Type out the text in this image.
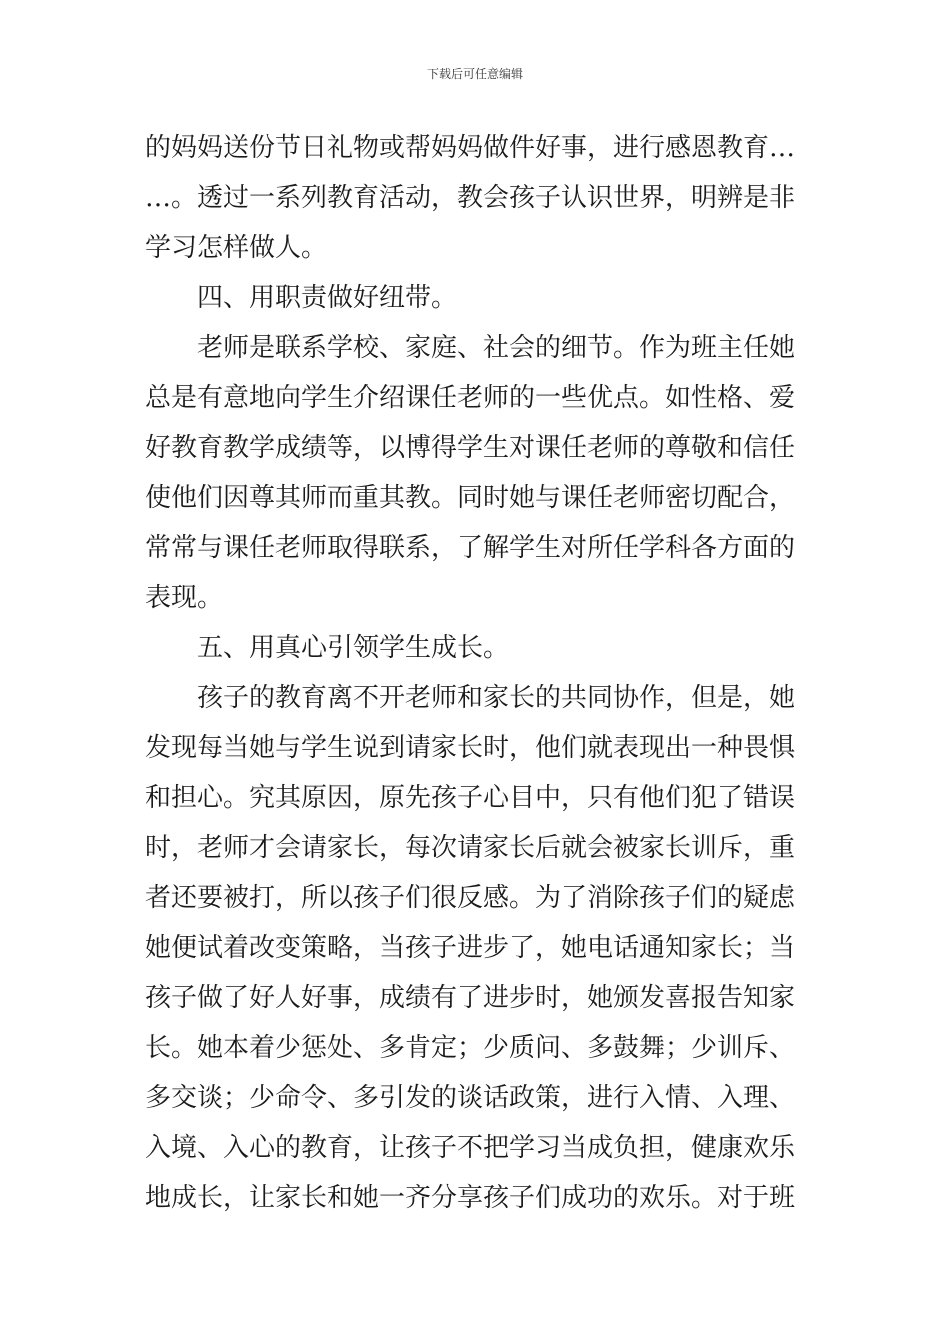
下载后可任意编辑
的妈妈送份节日礼物或帮妈妈做件好事，进行感恩教育…
…。透过一系列教育活动，教会孩子认识世界，明辨是非
学习怎样做人。
四、用职责做好纽带。
老师是联系学校、家庭、社会的细节。作为班主任她
总是有意地向学生介绍课任老师的一些优点。如性格、爱
好教育教学成绩等，以博得学生对课任老师的尊敬和信任
使他们因尊其师而重其教。同时她与课任老师密切配合，
常常与课任老师取得联系，了解学生对所任学科各方面的
表现。
五、用真心引领学生成长。
孩子的教育离不开老师和家长的共同协作，但是，她
发现每当她与学生说到请家长时，他们就表现出一种畏惧
和担心。究其原因，原先孩子心目中，只有他们犯了错误
时，老师才会请家长，每次请家长后就会被家长训斥，重
者还要被打，所以孩子们很反感。为了消除孩子们的疑虑
她便试着改变策略，当孩子进步了，她电话通知家长；当
孩子做了好人好事，成绩有了进步时，她颁发喜报告知家
长。她本着少惩处、多肯定；少质问、多鼓舞；少训斥、
多交谈；少命令、多引发的谈话政策，进行入情、入理、
入境、入心的教育，让孩子不把学习当成负担，健康欢乐
地成长，让家长和她一齐分享孩子们成功的欢乐。对于班
